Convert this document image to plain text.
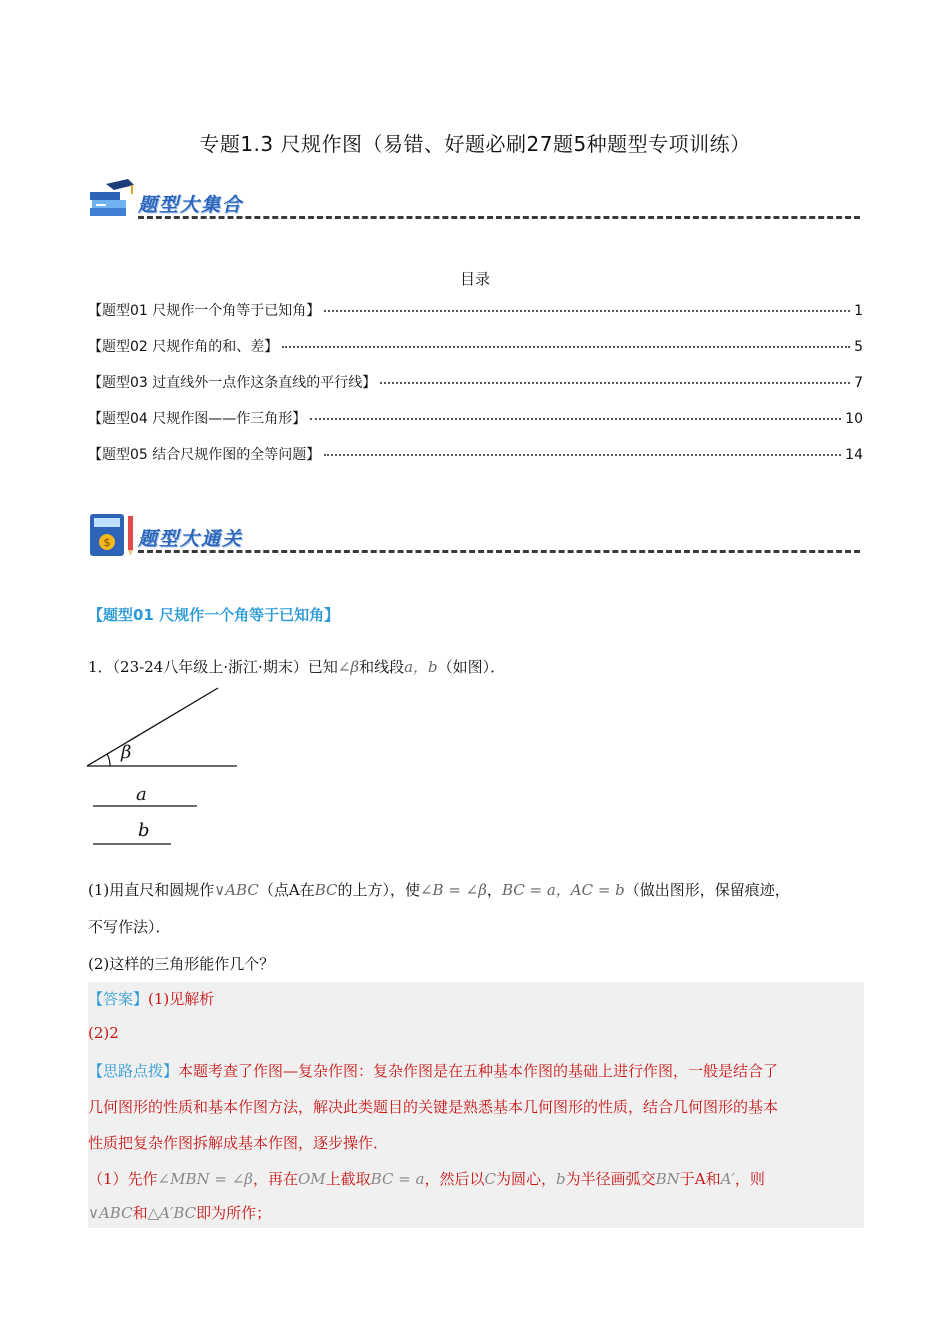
专题1.3 尺规作图（易错、好题必刷27题5种题型专项训练）
题型大集合
目录
【题型01 尺规作一个角等于已知角】	1
【题型02 尺规作角的和、差】	5
【题型03 过直线外一点作这条直线的平行线】	7
【题型04 尺规作图——作三角形】	10
【题型05 结合尺规作图的全等问题】	14
$ 题型大通关
【题型01 尺规作一个角等于已知角】
1．（23-24八年级上·浙江·期末）已知∠β和线段a，b（如图）．
β
a
b
(1)用直尺和圆规作∨ABC（点A在BC的上方），使∠B = ∠β，BC = a，AC = b（做出图形，保留痕迹，
不写作法）．
(2)这样的三角形能作几个？
【答案】(1)见解析
(2)2
【思路点拨】本题考查了作图—复杂作图：复杂作图是在五种基本作图的基础上进行作图，一般是结合了
几何图形的性质和基本作图方法，解决此类题目的关键是熟悉基本几何图形的性质，结合几何图形的基本
性质把复杂作图拆解成基本作图，逐步操作．
（1）先作∠MBN = ∠β，再在OM上截取BC = a，然后以C为圆心，b为半径画弧交BN于A和A′，则
∨ABC和△A′BC即为所作；
